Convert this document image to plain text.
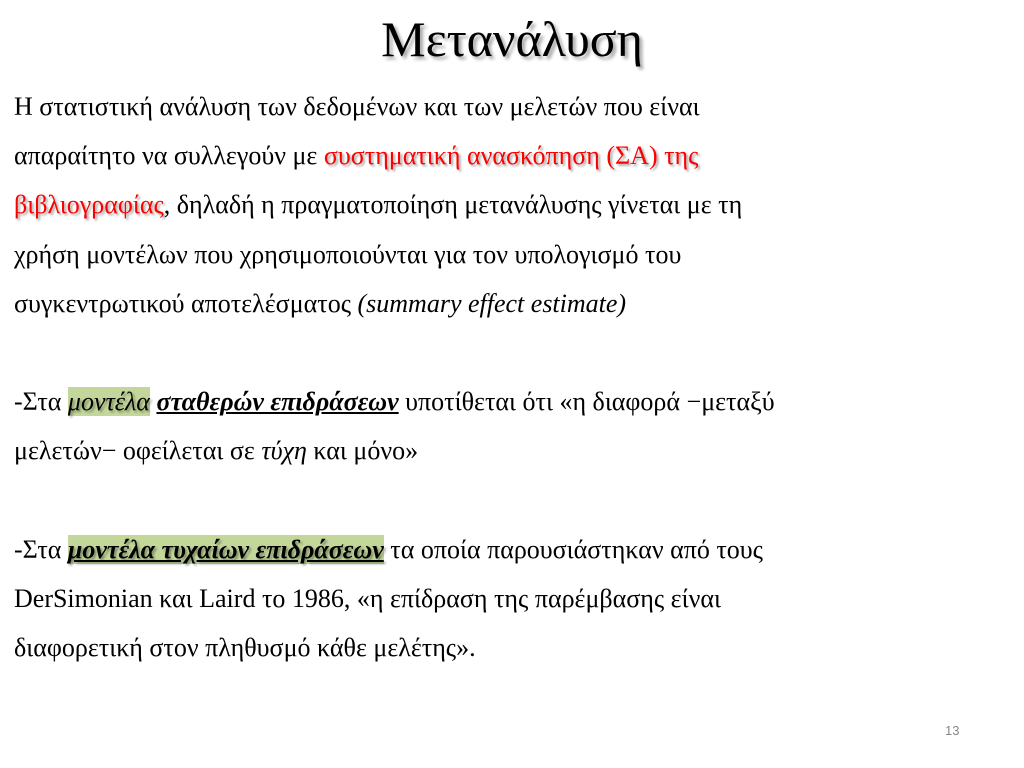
Μετανάλυση

Η στατιστική ανάλυση των δεδομένων και των μελετών που είναι

απαραίτητο να συλλεγούν με συστηματική ανασκόπηση (ΣΑ) της

βιβλιογραφίας, δηλαδή η πραγματοποίηση μετανάλυσης γίνεται με τη

χρήση μοντέλων που χρησιμοποιούνται για τον υπολογισμό του

συγκεντρωτικού αποτελέσματος (summary effect estimate)

-Στα μοντέλα σταθερών επιδράσεων υποτίθεται ότι «η διαφορά −μεταξύ

μελετών− οφείλεται σε τύχη και μόνο»

-Στα μοντέλα τυχαίων επιδράσεων τα οποία παρουσιάστηκαν από τους

DerSimonian και Laird το 1986, «η επίδραση της παρέμβασης είναι

διαφορετική στον πληθυσμό κάθε μελέτης».

13
